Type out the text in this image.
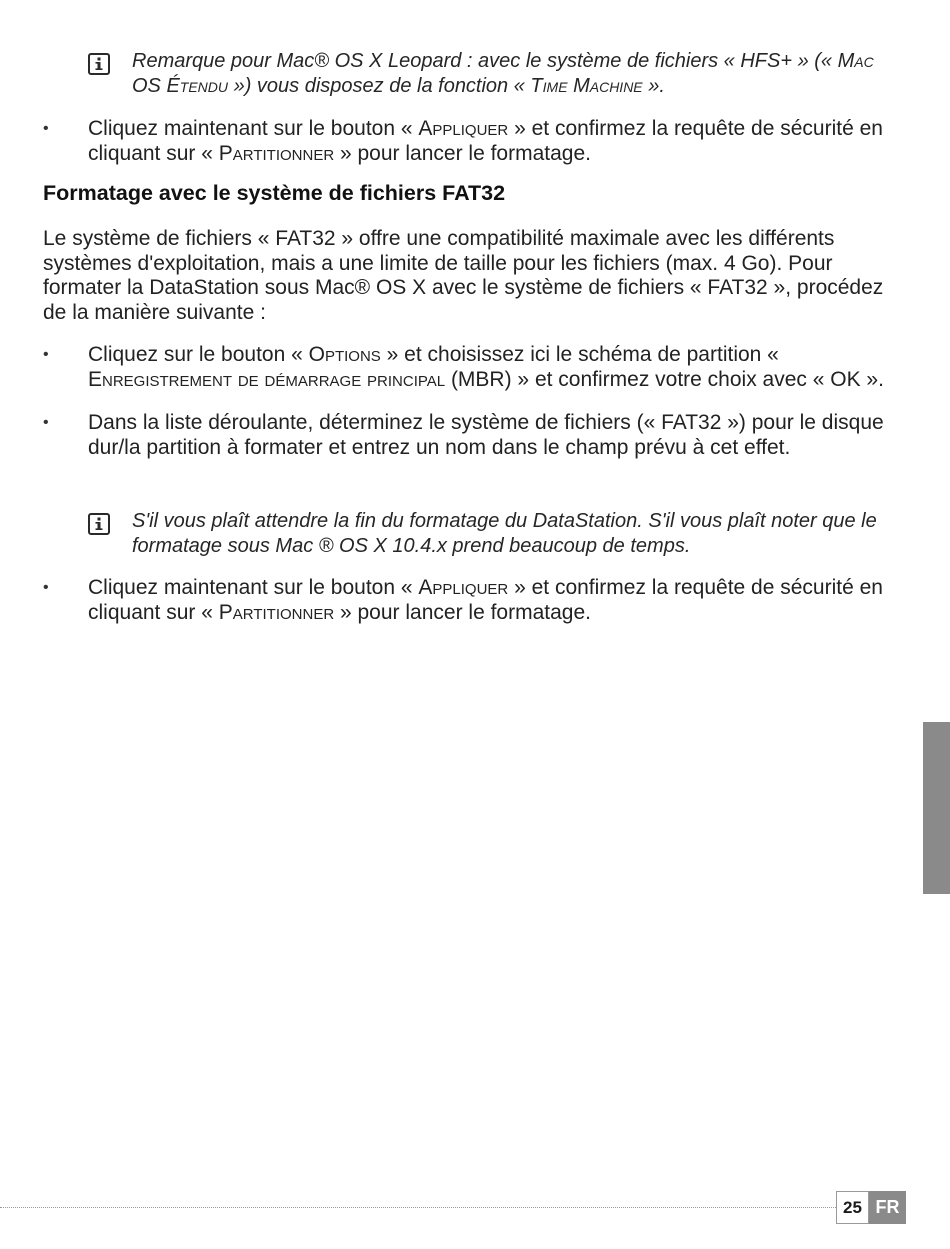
Remarque pour Mac® OS X Leopard : avec le système de fichiers « HFS+ » (« Mac OS Étendu ») vous disposez de la fonction « Time Machine ».
• Cliquez maintenant sur le bouton « Appliquer » et confirmez la requête de sécurité en cliquant sur « Partitionner » pour lancer le formatage.
Formatage avec le système de fichiers FAT32
Le système de fichiers « FAT32 » offre une compatibilité maximale avec les différents systèmes d'exploitation, mais a une limite de taille pour les fichiers (max. 4 Go). Pour formater la DataStation sous Mac® OS X avec le système de fichiers « FAT32 », procédez de la manière suivante :
• Cliquez sur le bouton « Options » et choisissez ici le schéma de partition « Enregistrement de démarrage principal (MBR) » et confirmez votre choix avec « OK ».
• Dans la liste déroulante, déterminez le système de fichiers (« FAT32 ») pour le disque dur/la partition à formater et entrez un nom dans le champ prévu à cet effet.
S'il vous plaît attendre la fin du formatage du DataStation. S'il vous plaît noter que le formatage sous Mac ® OS X 10.4.x prend beaucoup de temps.
• Cliquez maintenant sur le bouton « Appliquer » et confirmez la requête de sécurité en cliquant sur « Partitionner » pour lancer le formatage.
25 FR
